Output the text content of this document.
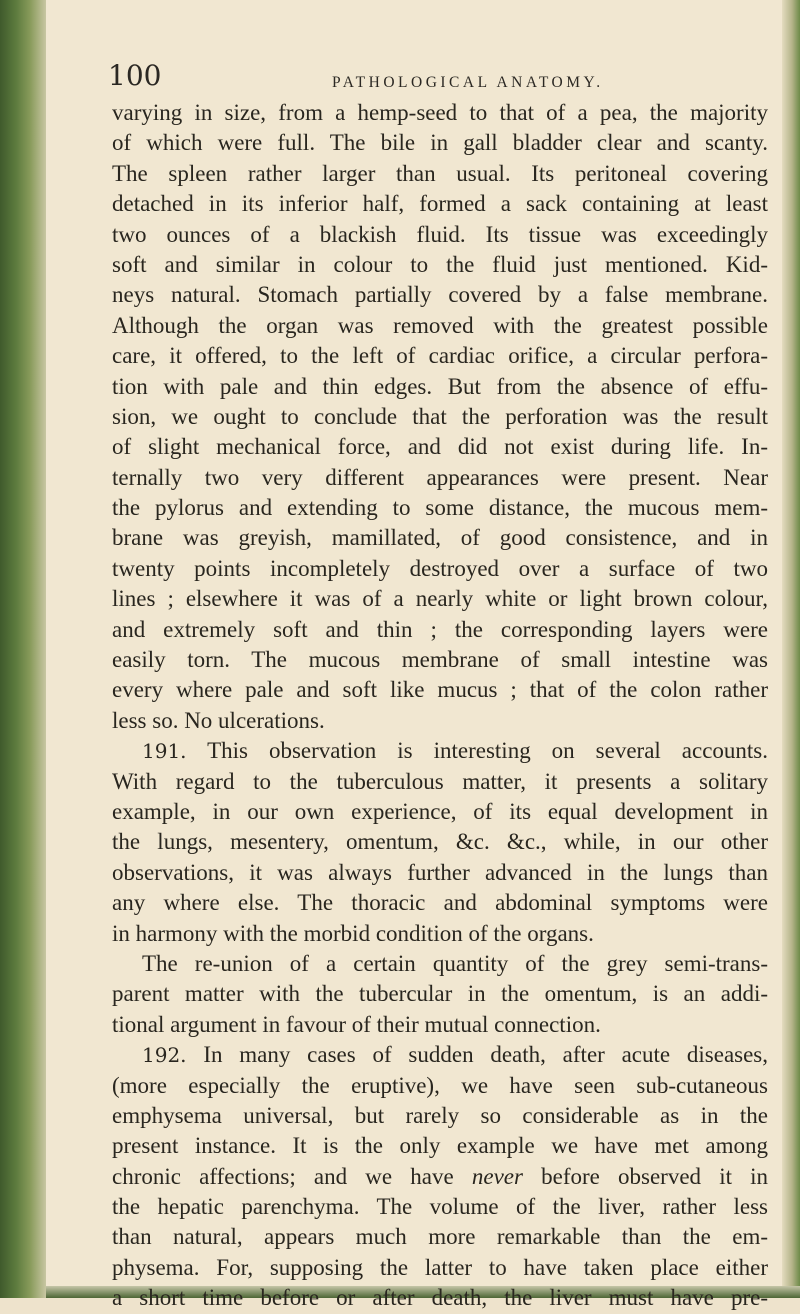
100	PATHOLOGICAL ANATOMY.
varying in size, from a hemp-seed to that of a pea, the majority
of which were full. The bile in gall bladder clear and scanty.
The spleen rather larger than usual. Its peritoneal covering
detached in its inferior half, formed a sack containing at least
two ounces of a blackish fluid. Its tissue was exceedingly
soft and similar in colour to the fluid just mentioned. Kid-
neys natural. Stomach partially covered by a false membrane.
Although the organ was removed with the greatest possible
care, it offered, to the left of cardiac orifice, a circular perfora-
tion with pale and thin edges. But from the absence of effu-
sion, we ought to conclude that the perforation was the result
of slight mechanical force, and did not exist during life. In-
ternally two very different appearances were present. Near
the pylorus and extending to some distance, the mucous mem-
brane was greyish, mamillated, of good consistence, and in
twenty points incompletely destroyed over a surface of two
lines ; elsewhere it was of a nearly white or light brown colour,
and extremely soft and thin ; the corresponding layers were
easily torn. The mucous membrane of small intestine was
every where pale and soft like mucus ; that of the colon rather
less so. No ulcerations.
191. This observation is interesting on several accounts.
With regard to the tuberculous matter, it presents a solitary
example, in our own experience, of its equal development in
the lungs, mesentery, omentum, &c. &c., while, in our other
observations, it was always further advanced in the lungs than
any where else. The thoracic and abdominal symptoms were
in harmony with the morbid condition of the organs.
The re-union of a certain quantity of the grey semi-trans-
parent matter with the tubercular in the omentum, is an addi-
tional argument in favour of their mutual connection.
192. In many cases of sudden death, after acute diseases,
(more especially the eruptive), we have seen sub-cutaneous
emphysema universal, but rarely so considerable as in the
present instance. It is the only example we have met among
chronic affections; and we have never before observed it in
the hepatic parenchyma. The volume of the liver, rather less
than natural, appears much more remarkable than the em-
physema. For, supposing the latter to have taken place either
a short time before or after death, the liver must have pre-
